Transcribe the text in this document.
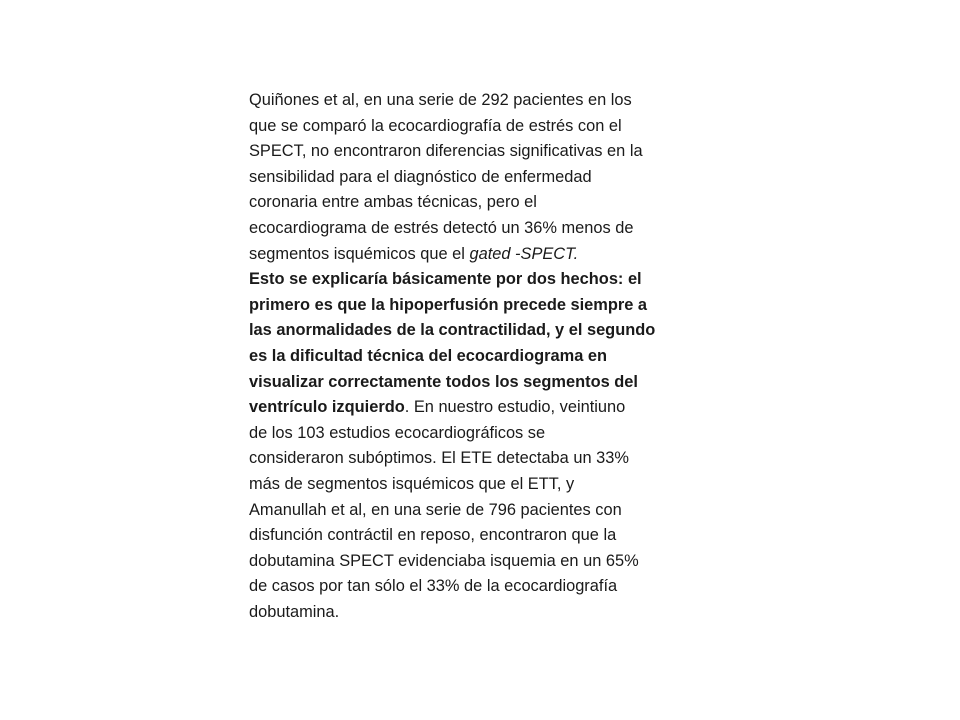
Quiñones et al, en una serie de 292 pacientes en los
que se comparó la ecocardiografía de estrés con el
SPECT, no encontraron diferencias significativas en la
sensibilidad para el diagnóstico de enfermedad
coronaria entre ambas técnicas, pero el
ecocardiograma de estrés detectó un 36% menos de
segmentos isquémicos que el gated -SPECT.

Esto se explicaría básicamente por dos hechos: el
primero es que la hipoperfusión precede siempre a
las anormalidades de la contractilidad, y el segundo
es la dificultad técnica del ecocardiograma en
visualizar correctamente todos los segmentos del
ventrículo izquierdo. En nuestro estudio, veintiuno
de los 103 estudios ecocardiográficos se
consideraron subóptimos. El ETE detectaba un 33%
más de segmentos isquémicos que el ETT, y
Amanullah et al, en una serie de 796 pacientes con
disfunción contráctil en reposo, encontraron que la
dobutamina SPECT evidenciaba isquemia en un 65%
de casos por tan sólo el 33% de la ecocardiografía
dobutamina.
